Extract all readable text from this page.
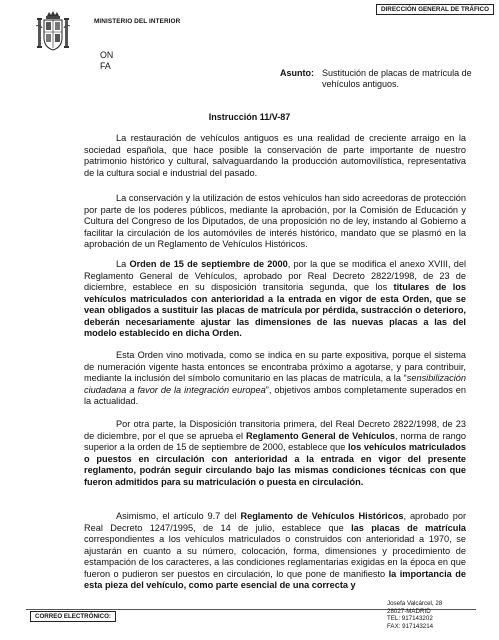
MINISTERIO DEL INTERIOR
DIRECCIÓN GENERAL DE TRÁFICO
ON
FA
Asunto: Sustitución de placas de matrícula de vehículos antiguos.
Instrucción 11/V-87

La restauración de vehículos antiguos es una realidad de creciente arraigo en la sociedad española, que hace posible la conservación de parte importante de nuestro patrimonio histórico y cultural, salvaguardando la producción automovilística, representativa de la cultura social e industrial del pasado.

La conservación y la utilización de estos vehículos han sido acreedoras de protección por parte de los poderes públicos, mediante la aprobación, por la Comisión de Educación y Cultura del Congreso de los Diputados, de una proposición no de ley, instando al Gobierno a facilitar la circulación de los automóviles de interés histórico, mandato que se plasmó en la aprobación de un Reglamento de Vehículos Históricos.

La Orden de 15 de septiembre de 2000, por la que se modifica el anexo XVIII, del Reglamento General de Vehículos, aprobado por Real Decreto 2822/1998, de 23 de diciembre, establece en su disposición transitoria segunda, que los titulares de los vehículos matriculados con anterioridad a la entrada en vigor de esta Orden, que se vean obligados a sustituir las placas de matrícula por pérdida, sustracción o deterioro, deberán necesariamente ajustar las dimensiones de las nuevas placas a las del modelo establecido en dicha Orden.

Esta Orden vino motivada, como se indica en su parte expositiva, porque el sistema de numeración vigente hasta entonces se encontraba próximo a agotarse, y para contribuir, mediante la inclusión del símbolo comunitario en las placas de matrícula, a la “sensibilización ciudadana a favor de la integración europea”, objetivos ambos completamente superados en la actualidad.

Por otra parte, la Disposición transitoria primera, del Real Decreto 2822/1998, de 23 de diciembre, por el que se aprueba el Reglamento General de Vehículos, norma de rango superior a la orden de 15 de septiembre de 2000, establece que los vehículos matriculados o puestos en circulación con anterioridad a la entrada en vigor del presente reglamento, podrán seguir circulando bajo las mismas condiciones técnicas con que fueron admitidos para su matriculación o puesta en circulación.

Asimismo, el artículo 9.7 del Reglamento de Vehículos Históricos, aprobado por Real Decreto 1247/1995, de 14 de julio, establece que las placas de matrícula correspondientes a los vehículos matriculados o construidos con anterioridad a 1970, se ajustarán en cuanto a su número, colocación, forma, dimensiones y procedimiento de estampación de los caracteres, a las condiciones reglamentarias exigidas en la época en que fueron o pudieron ser puestos en circulación, lo que pone de manifiesto la importancia de esta pieza del vehículo, como parte esencial de una correcta y

CORREO ELECTRÓNICO:
Josefa Valcárcel, 28
28027-MADRID
TEL: 917143202
FAX: 917143214
